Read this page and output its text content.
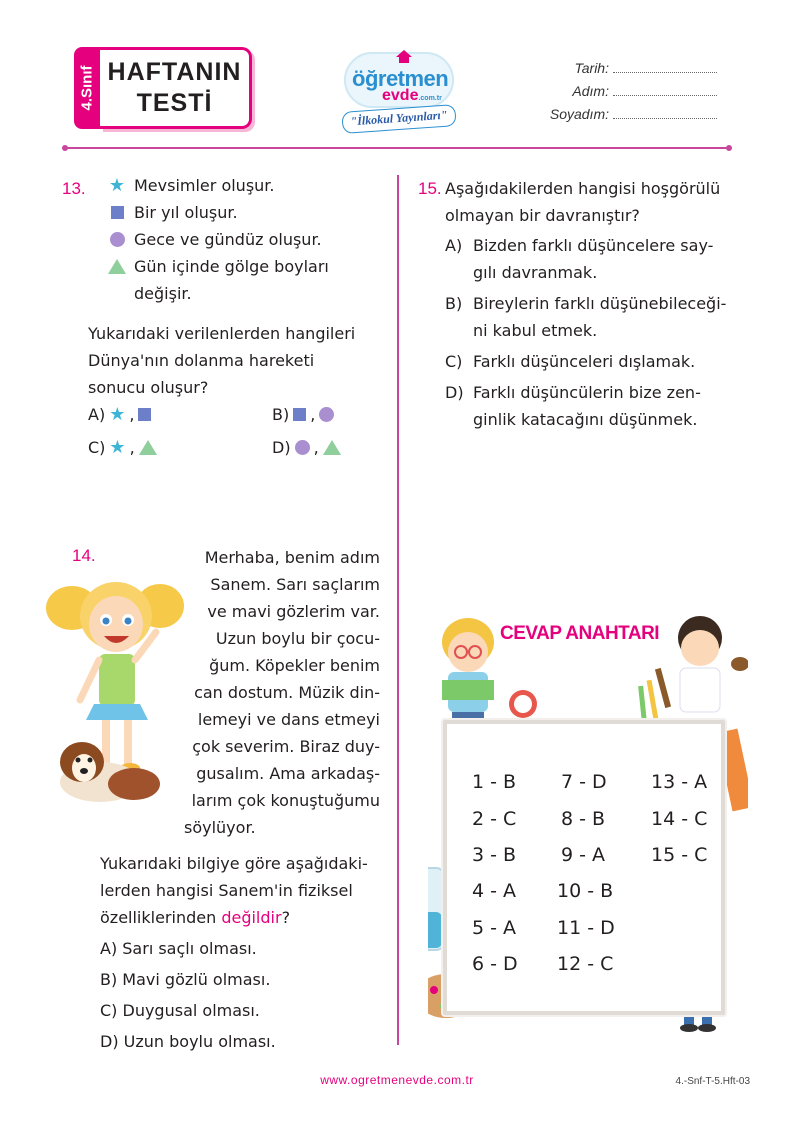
4.Sınıf HAFTANIN
TESTİ
öğretmen
evde.com.tr
"İlkokul Yayınları"
Tarih:
Adım:
Soyadım:
13. ★ Mevsimler oluşur.
Bir yıl oluşur.
Gece ve gündüz oluşur.
Gün içinde gölge boyları
değişir.
Yukarıdaki verilenlerden hangileri
Dünya'nın dolanma hareketi
sonucu oluşur?
A) ★ ,	B) ,
C) ★ ,	D) ,
14.	Merhaba, benim adım
Sanem. Sarı saçlarım
ve mavi gözlerim var.
Uzun boylu bir çocu-
ğum. Köpekler benim
can dostum. Müzik din-
lemeyi ve dans etmeyi
çok severim. Biraz duy-
gusalım. Ama arkadaş-
larım çok konuştuğumu
söylüyor.
Yukarıdaki bilgiye göre aşağıdaki-
lerden hangisi Sanem'in fiziksel
özelliklerinden değildir?
A) Sarı saçlı olması.
B) Mavi gözlü olması.
C) Duygusal olması.
D) Uzun boylu olması.
15. Aşağıdakilerden hangisi hoşgörülü
olmayan bir davranıştır?
A) Bizden farklı düşüncelere say-
gılı davranmak.
B) Bireylerin farklı düşünebileceği-
ni kabul etmek.
C) Farklı düşünceleri dışlamak.
D) Farklı düşüncülerin bize zen-
ginlik katacağını düşünmek.
CEVAP ANAHTARI
1 - B
2 - C
3 - B
4 - A
5 - A
6 - D
7 - D
8 - B
9 - A
10 - B
11 - D
12 - C
13 - A
14 - C
15 - C
www.ogretmenevde.com.tr	4.-Snf-T-5.Hft-03
